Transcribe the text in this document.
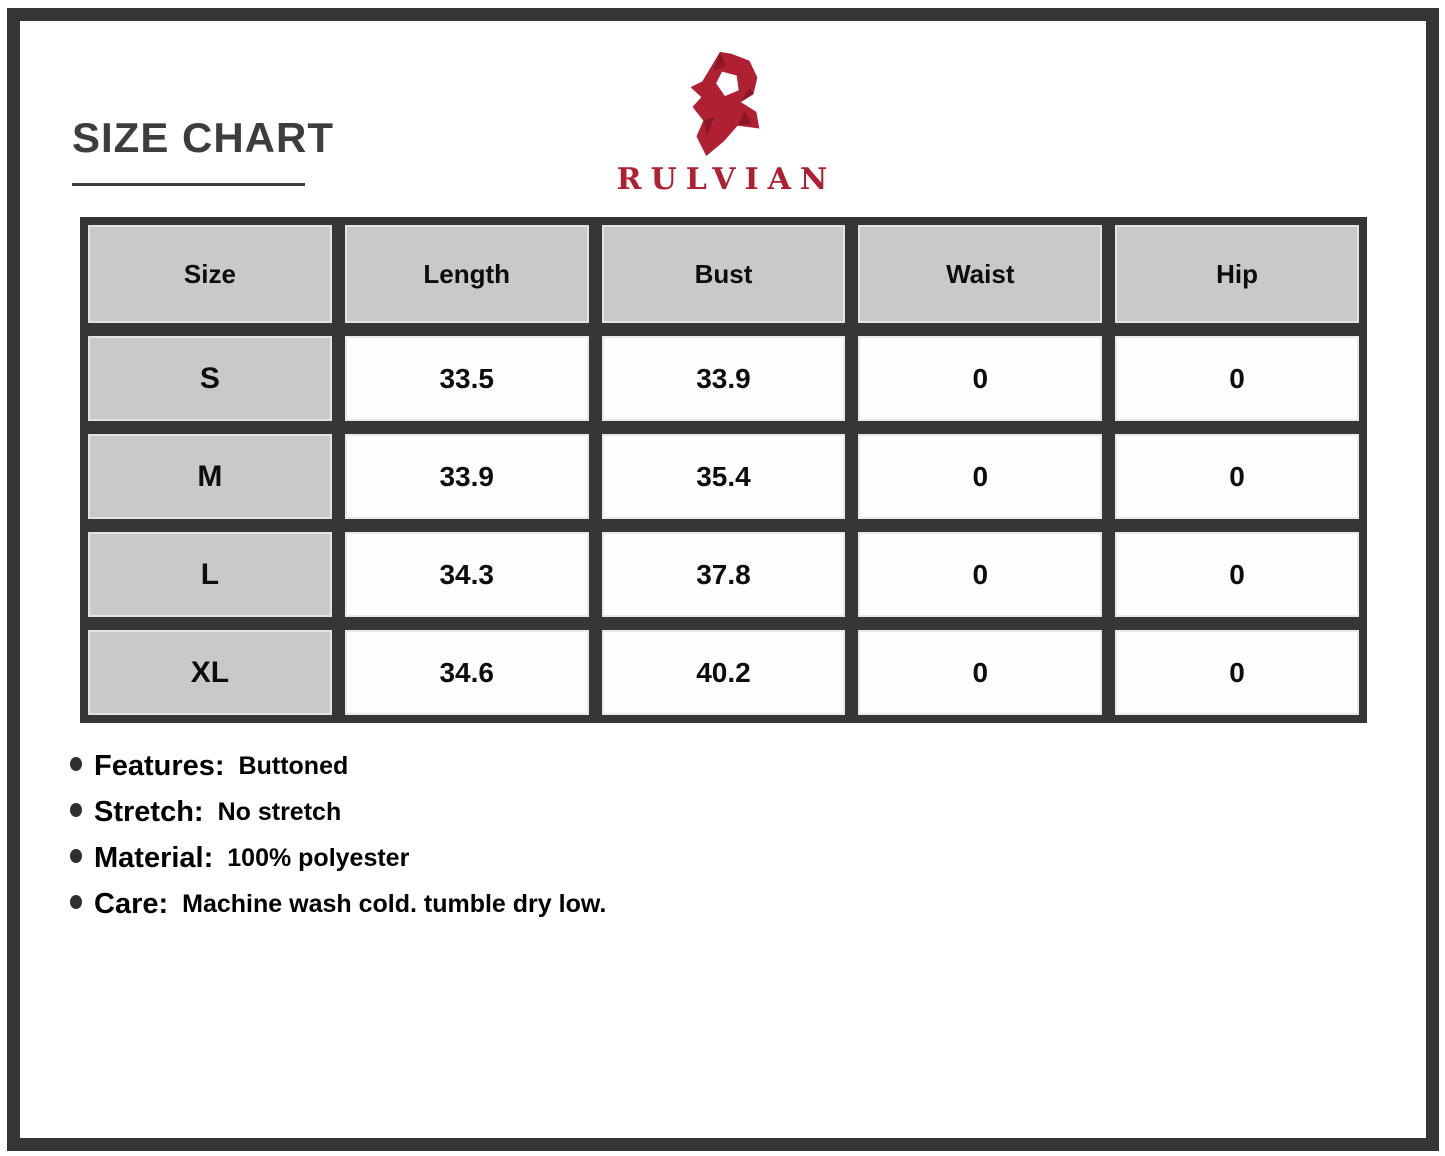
SIZE CHART
RULVIAN
Size	Length	Bust	Waist	Hip
S	33.5	33.9	0	0
M	33.9	35.4	0	0
L	34.3	37.8	0	0
XL	34.6	40.2	0	0
Features: Buttoned
Stretch: No stretch
Material: 100% polyester
Care: Machine wash cold. tumble dry low.
